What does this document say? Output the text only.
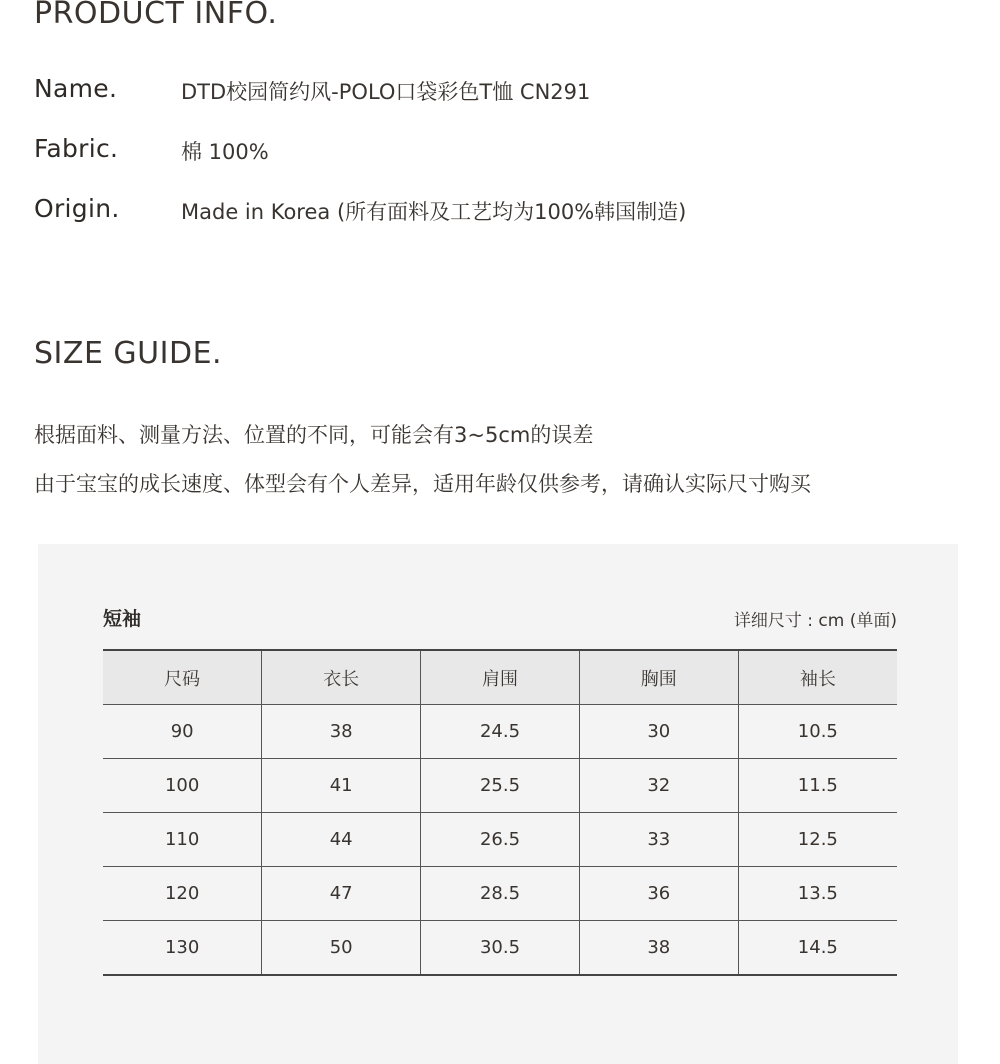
PRODUCT INFO.
Name.	DTD校园简约风-POLO口袋彩色T恤 CN291
Fabric.	棉 100%
Origin.	Made in Korea (所有面料及工艺均为100%韩国制造)
SIZE GUIDE.
根据面料、测量方法、位置的不同，可能会有3~5cm的误差
由于宝宝的成长速度、体型会有个人差异，适用年龄仅供参考，请确认实际尺寸购买
短袖	详细尺寸 : cm (单面)
尺码	衣长	肩围	胸围	袖长
90	38	24.5	30	10.5
100	41	25.5	32	11.5
110	44	26.5	33	12.5
120	47	28.5	36	13.5
130	50	30.5	38	14.5
